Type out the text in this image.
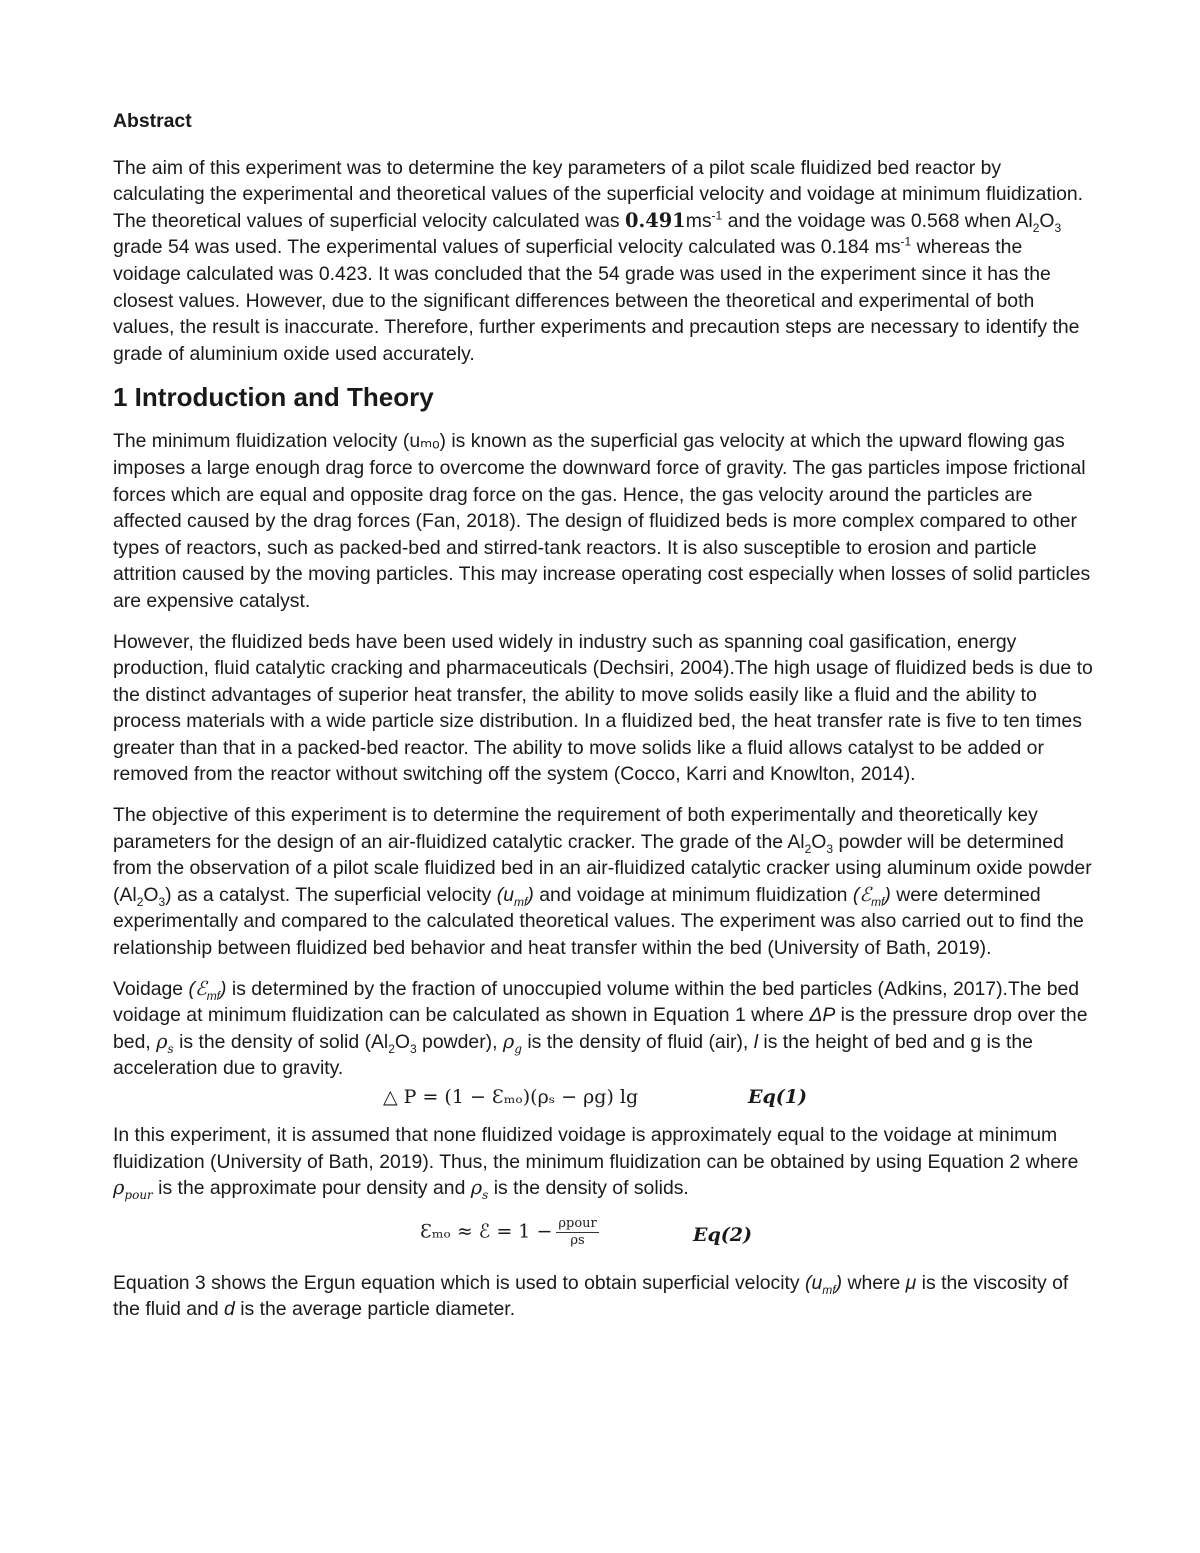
Abstract

The aim of this experiment was to determine the key parameters of a pilot scale fluidized bed reactor by calculating the experimental and theoretical values of the superficial velocity and voidage at minimum fluidization. The theoretical values of superficial velocity calculated was $0.491ms^{-1}$ and the voidage was 0.568 when $Al_2O_3$ grade 54 was used. The experimental values of superficial velocity calculated was 0.184 $ms^{-1}$ whereas the voidage calculated was 0.423. It was concluded that the 54 grade was used in the experiment since it has the closest values. However, due to the significant differences between the theoretical and experimental of both values, the result is inaccurate. Therefore, further experiments and precaution steps are necessary to identify the grade of aluminium oxide used accurately.

1 Introduction and Theory

The minimum fluidization velocity (uₘₒ) is known as the superficial gas velocity at which the upward flowing gas imposes a large enough drag force to overcome the downward force of gravity. The gas particles impose frictional forces which are equal and opposite drag force on the gas. Hence, the gas velocity around the particles are affected caused by the drag forces (Fan, 2018). The design of fluidized beds is more complex compared to other types of reactors, such as packed-bed and stirred-tank reactors. It is also susceptible to erosion and particle attrition caused by the moving particles. This may increase operating cost especially when losses of solid particles are expensive catalyst.

However, the fluidized beds have been used widely in industry such as spanning coal gasification, energy production, fluid catalytic cracking and pharmaceuticals (Dechsiri, 2004).The high usage of fluidized beds is due to the distinct advantages of superior heat transfer, the ability to move solids easily like a fluid and the ability to process materials with a wide particle size distribution. In a fluidized bed, the heat transfer rate is five to ten times greater than that in a packed-bed reactor. The ability to move solids like a fluid allows catalyst to be added or removed from the reactor without switching off the system (Cocco, Karri and Knowlton, 2014).

The objective of this experiment is to determine the requirement of both experimentally and theoretically key parameters for the design of an air-fluidized catalytic cracker. The grade of the $Al_2O_3$ powder will be determined from the observation of a pilot scale fluidized bed in an air-fluidized catalytic cracker using aluminum oxide powder $(Al_2O_3)$ as a catalyst. The superficial velocity $(u_{mf})$ and voidage at minimum fluidization (ℰ$_{mf}$) were determined experimentally and compared to the calculated theoretical values. The experiment was also carried out to find the relationship between fluidized bed behavior and heat transfer within the bed (University of Bath, 2019).

Voidage (ℰ$_{mf}$) is determined by the fraction of unoccupied volume within the bed particles (Adkins, 2017).The bed voidage at minimum fluidization can be calculated as shown in Equation 1 where ΔP is the pressure drop over the bed, $\rho_s$ is the density of solid ($Al_2O_3$ powder), $\rho_g$ is the density of fluid (air), l is the height of bed and g is the acceleration due to gravity.

△ P = (1 − Ɛₘₒ)(ρₛ − ρg) lg	Eq(1)

In this experiment, it is assumed that none fluidized voidage is approximately equal to the voidage at minimum fluidization (University of Bath, 2019). Thus, the minimum fluidization can be obtained by using Equation 2 where $\rho_{pour}$ is the approximate pour density and $\rho_s$ is the density of solids.

Ɛₘₒ ≈ ℰ = $1 - \frac{\text{ρpour}}{\rho s}$	Eq(2)

Equation 3 shows the Ergun equation which is used to obtain superficial velocity $(u_{mf})$ where μ is the viscosity of the fluid and d is the average particle diameter.
